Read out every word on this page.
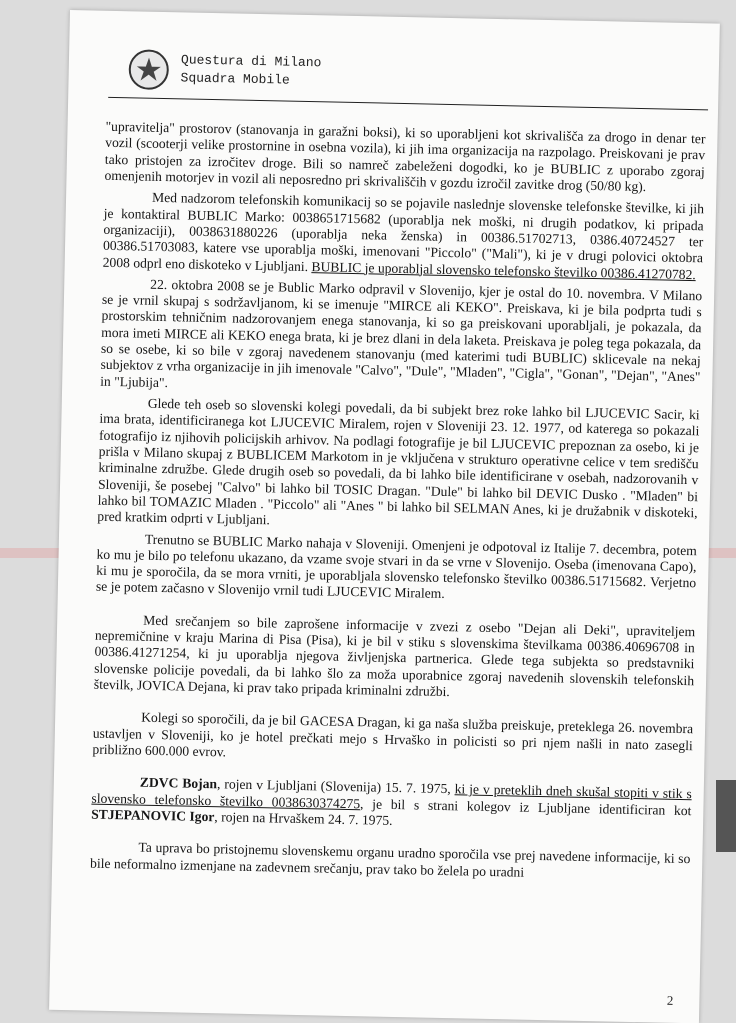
Questura di Milano
Squadra Mobile

"upravitelja" prostorov (stanovanja in garažni boksi), ki so uporabljeni kot skrivališča za drogo in denar ter vozil (scooterji velike prostornine in osebna vozila), ki jih ima organizacija na razpolago. Preiskovani je prav tako pristojen za izročitev droge. Bili so namreč zabeleženi dogodki, ko je BUBLIC z uporabo zgoraj omenjenih motorjev in vozil ali neposredno pri skrivališčih v gozdu izročil zavitke drog (50/80 kg).

Med nadzorom telefonskih komunikacij so se pojavile naslednje slovenske telefonske številke, ki jih je kontaktiral BUBLIC Marko: 0038651715682 (uporablja nek moški, ni drugih podatkov, ki pripada organizaciji), 0038631880226 (uporablja neka ženska) in 00386.51702713, 0386.40724527 ter 00386.51703083, katere vse uporablja moški, imenovani "Piccolo" ("Mali"), ki je v drugi polovici oktobra 2008 odprl eno diskoteko v Ljubljani. BUBLIC je uporabljal slovensko telefonsko številko 00386.41270782.

22. oktobra 2008 se je Bublic Marko odpravil v Slovenijo, kjer je ostal do 10. novembra. V Milano se je vrnil skupaj s sodržavljanom, ki se imenuje "MIRCE ali KEKO". Preiskava, ki je bila podprta tudi s prostorskim tehničnim nadzorovanjem enega stanovanja, ki so ga preiskovani uporabljali, je pokazala, da mora imeti MIRCE ali KEKO enega brata, ki je brez dlani in dela laketa. Preiskava je poleg tega pokazala, da so se osebe, ki so bile v zgoraj navedenem stanovanju (med katerimi tudi BUBLIC) sklicevale na nekaj subjektov z vrha organizacije in jih imenovale "Calvo", "Dule", "Mladen", "Cigla", "Gonan", "Dejan", "Anes" in "Ljubija".

Glede teh oseb so slovenski kolegi povedali, da bi subjekt brez roke lahko bil LJUCEVIC Sacir, ki ima brata, identificiranega kot LJUCEVIC Miralem, rojen v Sloveniji 23. 12. 1977, od katerega so pokazali fotografijo iz njihovih policijskih arhivov. Na podlagi fotografije je bil LJUCEVIC prepoznan za osebo, ki je prišla v Milano skupaj z BUBLICEM Markotom in je vključena v strukturo operativne celice v tem središču kriminalne združbe. Glede drugih oseb so povedali, da bi lahko bile identificirane v osebah, nadzorovanih v Sloveniji, še posebej "Calvo" bi lahko bil TOSIC Dragan. "Dule" bi lahko bil DEVIC Dusko . "Mladen" bi lahko bil TOMAZIC Mladen . "Piccolo" ali "Anes " bi lahko bil SELMAN Anes, ki je družabnik v diskoteki, pred kratkim odprti v Ljubljani.

Trenutno se BUBLIC Marko nahaja v Sloveniji. Omenjeni je odpotoval iz Italije 7. decembra, potem ko mu je bilo po telefonu ukazano, da vzame svoje stvari in da se vrne v Slovenijo. Oseba (imenovana Capo), ki mu je sporočila, da se mora vrniti, je uporabljala slovensko telefonsko številko 00386.51715682. Verjetno se je potem začasno v Slovenijo vrnil tudi LJUCEVIC Miralem.

Med srečanjem so bile zaprošene informacije v zvezi z osebo "Dejan ali Deki", upraviteljem nepremičnine v kraju Marina di Pisa (Pisa), ki je bil v stiku s slovenskima številkama 00386.40696708 in 00386.41271254, ki ju uporablja njegova življenjska partnerica. Glede tega subjekta so predstavniki slovenske policije povedali, da bi lahko šlo za moža uporabnice zgoraj navedenih slovenskih telefonskih številk, JOVICA Dejana, ki prav tako pripada kriminalni združbi.

Kolegi so sporočili, da je bil GACESA Dragan, ki ga naša služba preiskuje, preteklega 26. novembra ustavljen v Sloveniji, ko je hotel prečkati mejo s Hrvaško in policisti so pri njem našli in nato zasegli približno 600.000 evrov.

ZDVC Bojan, rojen v Ljubljani (Slovenija) 15. 7. 1975, ki je v preteklih dneh skušal stopiti v stik s slovensko telefonsko številko 0038630374275, je bil s strani kolegov iz Ljubljane identificiran kot STJEPANOVIC Igor, rojen na Hrvaškem 24. 7. 1975.

Ta uprava bo pristojnemu slovenskemu organu uradno sporočila vse prej navedene informacije, ki so bile neformalno izmenjane na zadevnem srečanju, prav tako bo želela po uradni

2
